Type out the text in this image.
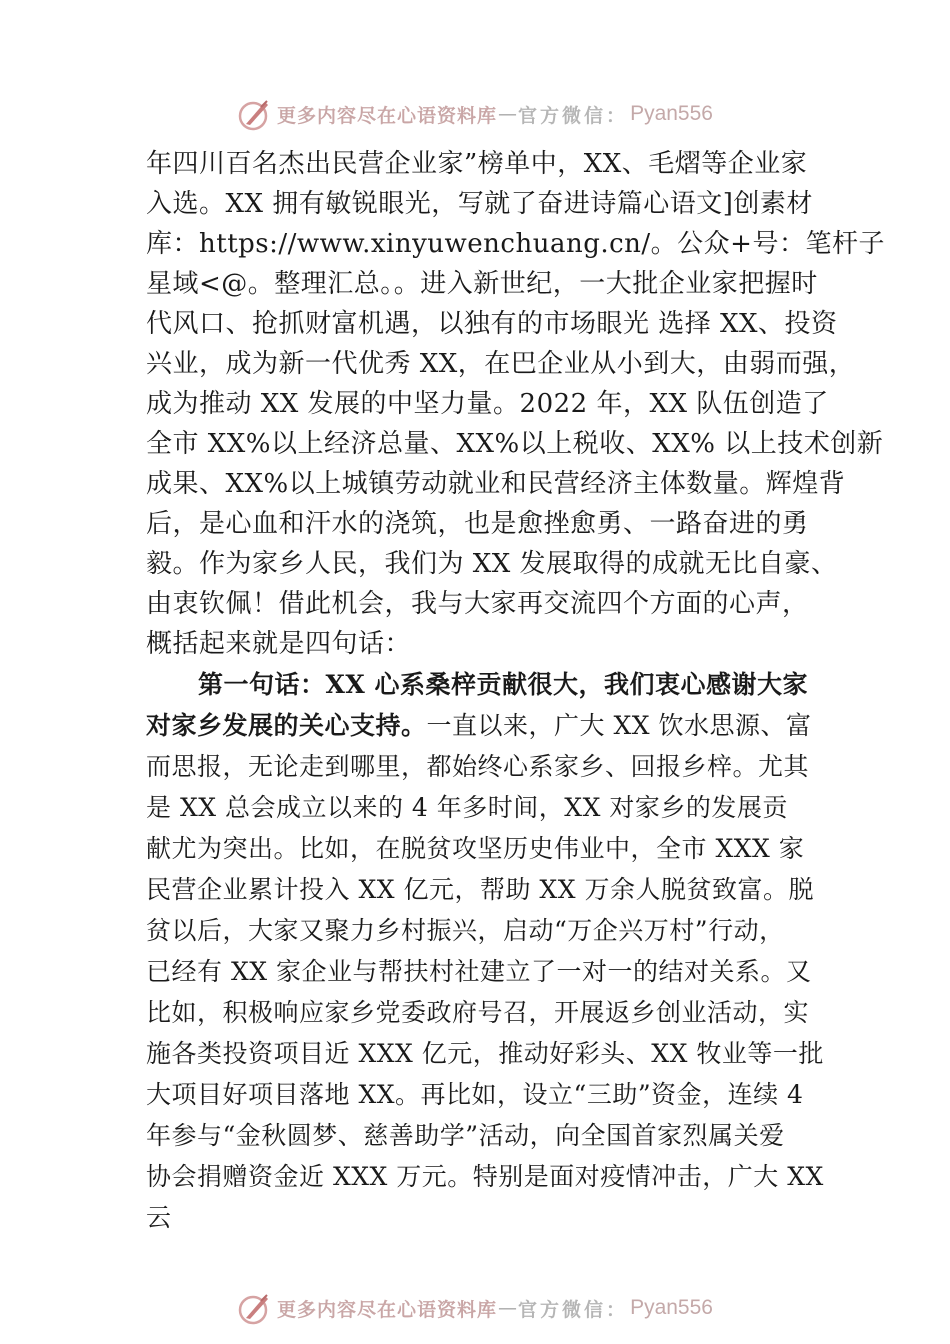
更多内容尽在心语资料库 — 官方微信： Pyan556
年四川百名杰出民营企业家”榜单中，XX、毛熠等企业家
入选。XX 拥有敏锐眼光，写就了奋进诗篇心语文]创素材
库：https://www.xinyuwenchuang.cn/。公众+号：笔杆子
星域<@。整理汇总。。进入新世纪，一大批企业家把握时
代风口、抢抓财富机遇，以独有的市场眼光 选择 XX、投资
兴业，成为新一代优秀 XX，在巴企业从小到大，由弱而强，
成为推动 XX 发展的中坚力量。2022 年，XX 队伍创造了
全市 XX%以上经济总量、XX%以上税收、XX% 以上技术创新
成果、XX%以上城镇劳动就业和民营经济主体数量。辉煌背
后，是心血和汗水的浇筑，也是愈挫愈勇、一路奋进的勇
毅。作为家乡人民，我们为 XX 发展取得的成就无比自豪、
由衷钦佩！借此机会，我与大家再交流四个方面的心声，
概括起来就是四句话：
第一句话：XX 心系桑梓贡献很大，我们衷心感谢大家
对家乡发展的关心支持。一直以来，广大 XX 饮水思源、富
而思报，无论走到哪里，都始终心系家乡、回报乡梓。尤其
是 XX 总会成立以来的 4 年多时间，XX 对家乡的发展贡
献尤为突出。比如，在脱贫攻坚历史伟业中，全市 XXX 家
民营企业累计投入 XX 亿元，帮助 XX 万余人脱贫致富。脱
贫以后，大家又聚力乡村振兴，启动“万企兴万村”行动，
已经有 XX 家企业与帮扶村社建立了一对一的结对关系。又
比如，积极响应家乡党委政府号召，开展返乡创业活动，实
施各类投资项目近 XXX 亿元，推动好彩头、XX 牧业等一批
大项目好项目落地 XX。再比如，设立“三助”资金，连续 4
年参与“金秋圆梦、慈善助学”活动，向全国首家烈属关爱
协会捐赠资金近 XXX 万元。特别是面对疫情冲击，广大 XX
云
更多内容尽在心语资料库 — 官方微信： Pyan556
